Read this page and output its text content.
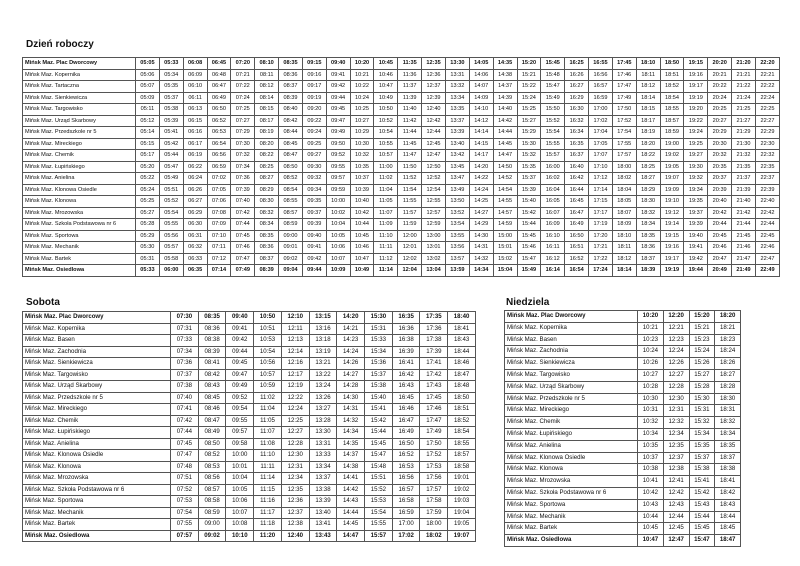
Dzień roboczy
Mińsk Maz. Plac Dworcowy	05:05	05:33	06:08	06:45	07:20	08:10	08:35	09:15	09:40	10:20	10:45	11:35	12:35	13:30	14:05	14:35	15:20	15:45	16:25	16:55	17:45	18:10	18:50	19:15	20:20	21:20	22:20
Mińsk Maz. Kopernika	05:06	05:34	06:09	06:48	07:21	08:11	08:36	09:16	09:41	10:21	10:46	11:36	12:36	13:31	14:06	14:38	15:21	15:48	16:26	16:56	17:46	18:11	18:51	19:16	20:21	21:21	22:21
Mińsk Maz. Tartaczna	05:07	05:35	06:10	06:47	07:22	08:12	08:37	09:17	09:42	10:22	10:47	11:37	12:37	13:32	14:07	14:37	15:22	15:47	16:27	16:57	17:47	18:12	18:52	19:17	20:22	21:22	22:22
Mińsk Maz. Sienkiewicza	05:09	05:37	06:11	06:49	07:24	08:14	08:39	09:19	09:44	10:24	10:49	11:39	12:39	13:34	14:09	14:39	15:24	15:49	16:29	16:59	17:49	18:14	18:54	19:19	20:24	21:24	22:24
Mińsk Maz. Targowisko	05:11	05:38	06:13	06:50	07:25	08:15	08:40	09:20	09:45	10:25	10:50	11:40	12:40	13:35	14:10	14:40	15:25	15:50	16:30	17:00	17:50	18:15	18:55	19:20	20:25	21:25	22:25
Mińsk Maz. Urząd Skarbowy	05:12	05:39	06:15	06:52	07:27	08:17	08:42	09:22	09:47	10:27	10:52	11:42	12:42	13:37	14:12	14:42	15:27	15:52	16:32	17:02	17:52	18:17	18:57	19:22	20:27	21:27	22:27
Mińsk Maz. Przedszkole nr 5	05:14	05:41	06:16	06:53	07:29	08:19	08:44	09:24	09:49	10:29	10:54	11:44	12:44	13:39	14:14	14:44	15:29	15:54	16:34	17:04	17:54	18:19	18:59	19:24	20:29	21:29	22:29
Mińsk Maz. Mireckiego	05:15	05:42	06:17	06:54	07:30	08:20	08:45	09:25	09:50	10:30	10:55	11:45	12:45	13:40	14:15	14:45	15:30	15:55	16:35	17:05	17:55	18:20	19:00	19:25	20:30	21:30	22:30
Mińsk Maz. Chemik	05:17	05:44	06:19	06:56	07:32	08:22	08:47	09:27	09:52	10:32	10:57	11:47	12:47	13:42	14:17	14:47	15:32	15:57	16:37	17:07	17:57	18:22	19:02	19:27	20:32	21:32	22:32
Mińsk Maz. Łupińskiego	05:20	05:47	06:22	06:59	07:34	08:25	08:50	09:30	09:55	10:35	11:00	11:50	12:50	13:45	14:20	14:50	15:35	16:00	16:40	17:10	18:00	18:25	19:05	19:30	20:35	21:35	22:35
Mińsk Maz. Anielina	05:22	05:49	06:24	07:02	07:36	08:27	08:52	09:32	09:57	10:37	11:02	11:52	12:52	13:47	14:22	14:52	15:37	16:02	16:42	17:12	18:02	18:27	19:07	19:32	20:37	21:37	22:37
Mińsk Maz. Klonowa Osiedle	05:24	05:51	06:26	07:05	07:39	08:29	08:54	09:34	09:59	10:39	11:04	11:54	12:54	13:49	14:24	14:54	15:39	16:04	16:44	17:14	18:04	18:29	19:09	19:34	20:39	21:39	22:39
Mińsk Maz. Klonowa	05:25	05:52	06:27	07:06	07:40	08:30	08:55	09:35	10:00	10:40	11:05	11:55	12:55	13:50	14:25	14:55	15:40	16:05	16:45	17:15	18:05	18:30	19:10	19:35	20:40	21:40	22:40
Mińsk Maz. Mrozowska	05:27	05:54	06:29	07:08	07:42	08:32	08:57	09:37	10:02	10:42	11:07	11:57	12:57	13:52	14:27	14:57	15:42	16:07	16:47	17:17	18:07	18:32	19:12	19:37	20:42	21:42	22:42
Mińsk Maz. Szkoła Podstawowa nr 6	05:28	05:55	06:30	07:09	07:44	08:34	08:59	09:39	10:04	10:44	11:09	11:59	12:59	13:54	14:29	14:59	15:44	16:09	16:49	17:19	18:09	18:34	19:14	19:39	20:44	21:44	22:44
Mińsk Maz. Sportowa	05:29	05:56	06:31	07:10	07:45	08:35	09:00	09:40	10:05	10:45	11:10	12:00	13:00	13:55	14:30	15:00	15:45	16:10	16:50	17:20	18:10	18:35	19:15	19:40	20:45	21:45	22:45
Mińsk Maz. Mechanik	05:30	05:57	06:32	07:11	07:46	08:36	09:01	09:41	10:06	10:46	11:11	12:01	13:01	13:56	14:31	15:01	15:46	16:11	16:51	17:21	18:11	18:36	19:16	19:41	20:46	21:46	22:46
Mińsk Maz. Bartek	05:31	05:58	06:33	07:12	07:47	08:37	09:02	09:42	10:07	10:47	11:12	12:02	13:02	13:57	14:32	15:02	15:47	16:12	16:52	17:22	18:12	18:37	19:17	19:42	20:47	21:47	22:47
Mińsk Maz. Osiedlowa	05:33	06:00	06:35	07:14	07:49	08:39	09:04	09:44	10:09	10:49	11:14	12:04	13:04	13:59	14:34	15:04	15:49	16:14	16:54	17:24	18:14	18:39	19:19	19:44	20:49	21:49	22:49
Sobota
Mińsk Maz. Plac Dworcowy	07:30	08:35	09:40	10:50	12:10	13:15	14:20	15:30	16:35	17:35	18:40
Mińsk Maz. Kopernika	07:31	08:36	09:41	10:51	12:11	13:16	14:21	15:31	16:36	17:36	18:41
Mińsk Maz. Basen	07:33	08:38	09:42	10:53	12:13	13:18	14:23	15:33	16:38	17:38	18:43
Mińsk Maz. Zachodnia	07:34	08:39	09:44	10:54	12:14	13:19	14:24	15:34	16:39	17:39	18:44
Mińsk Maz. Sienkiewicza	07:36	08:41	09:45	10:56	12:16	13:21	14:26	15:36	16:41	17:41	18:46
Mińsk Maz. Targowisko	07:37	08:42	09:47	10:57	12:17	13:22	14:27	15:37	16:42	17:42	18:47
Mińsk Maz. Urząd Skarbowy	07:38	08:43	09:49	10:59	12:19	13:24	14:28	15:38	16:43	17:43	18:48
Mińsk Maz. Przedszkole nr 5	07:40	08:45	09:52	11:02	12:22	13:26	14:30	15:40	16:45	17:45	18:50
Mińsk Maz. Mireckiego	07:41	08:46	09:54	11:04	12:24	13:27	14:31	15:41	16:46	17:46	18:51
Mińsk Maz. Chemik	07:42	08:47	09:55	11:05	12:25	13:28	14:32	15:42	16:47	17:47	18:52
Mińsk Maz. Łupińskiego	07:44	08:49	09:57	11:07	12:27	13:30	14:34	15:44	16:49	17:49	18:54
Mińsk Maz. Anielina	07:45	08:50	09:58	11:08	12:28	13:31	14:35	15:45	16:50	17:50	18:55
Mińsk Maz. Klonowa Osiedle	07:47	08:52	10:00	11:10	12:30	13:33	14:37	15:47	16:52	17:52	18:57
Mińsk Maz. Klonowa	07:48	08:53	10:01	11:11	12:31	13:34	14:38	15:48	16:53	17:53	18:58
Mińsk Maz. Mrozowska	07:51	08:56	10:04	11:14	12:34	13:37	14:41	15:51	16:56	17:56	19:01
Mińsk Maz. Szkoła Podstawowa nr 6	07:52	08:57	10:05	11:15	12:35	13:38	14:42	15:52	16:57	17:57	19:02
Mińsk Maz. Sportowa	07:53	08:58	10:06	11:16	12:36	13:39	14:43	15:53	16:58	17:58	19:03
Mińsk Maz. Mechanik	07:54	08:59	10:07	11:17	12:37	13:40	14:44	15:54	16:59	17:59	19:04
Mińsk Maz. Bartek	07:55	09:00	10:08	11:18	12:38	13:41	14:45	15:55	17:00	18:00	19:05
Mińsk Maz. Osiedlowa	07:57	09:02	10:10	11:20	12:40	13:43	14:47	15:57	17:02	18:02	19:07
Niedziela
Mińsk Maz. Plac Dworcowy	10:20	12:20	15:20	18:20
Mińsk Maz. Kopernika	10:21	12:21	15:21	18:21
Mińsk Maz. Basen	10:23	12:23	15:23	18:23
Mińsk Maz. Zachodnia	10:24	12:24	15:24	18:24
Mińsk Maz. Sienkiewicza	10:26	12:26	15:26	18:26
Mińsk Maz. Targowisko	10:27	12:27	15:27	18:27
Mińsk Maz. Urząd Skarbowy	10:28	12:28	15:28	18:28
Mińsk Maz. Przedszkole nr 5	10:30	12:30	15:30	18:30
Mińsk Maz. Mireckiego	10:31	12:31	15:31	18:31
Mińsk Maz. Chemik	10:32	12:32	15:32	18:32
Mińsk Maz. Łupińskiego	10:34	12:34	15:34	18:34
Mińsk Maz. Anielina	10:35	12:35	15:35	18:35
Mińsk Maz. Klonowa Osiedle	10:37	12:37	15:37	18:37
Mińsk Maz. Klonowa	10:38	12:38	15:38	18:38
Mińsk Maz. Mrozowska	10:41	12:41	15:41	18:41
Mińsk Maz. Szkoła Podstawowa nr 6	10:42	12:42	15:42	18:42
Mińsk Maz. Sportowa	10:43	12:43	15:43	18:43
Mińsk Maz. Mechanik	10:44	12:44	15:44	18:44
Mińsk Maz. Bartek	10:45	12:45	15:45	18:45
Mińsk Maz. Osiedlowa	10:47	12:47	15:47	18:47
